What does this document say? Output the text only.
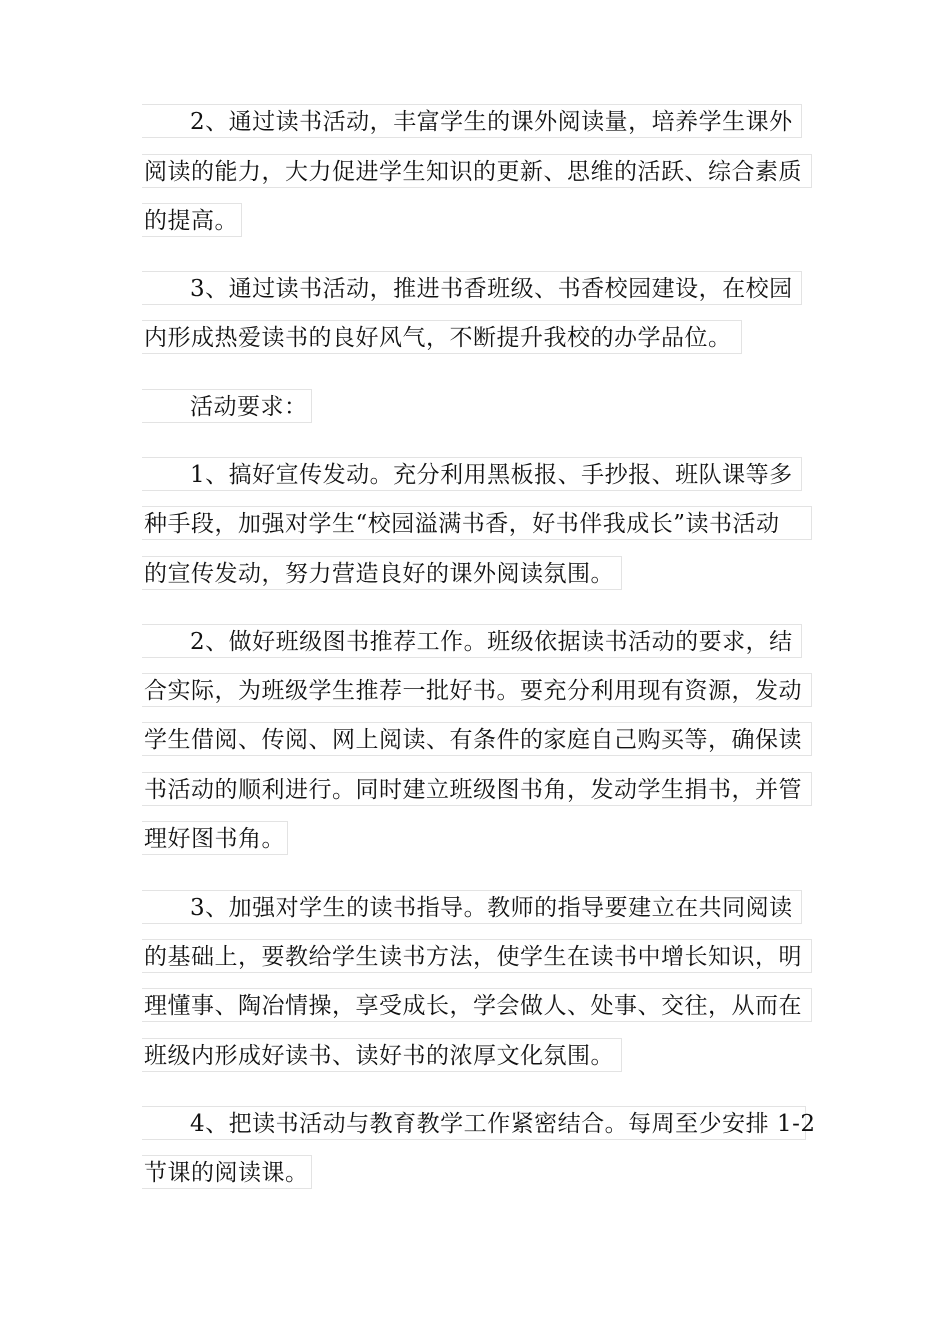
2、通过读书活动，丰富学生的课外阅读量，培养学生课外
阅读的能力，大力促进学生知识的更新、思维的活跃、综合素质
的提高。
3、通过读书活动，推进书香班级、书香校园建设，在校园
内形成热爱读书的良好风气，不断提升我校的办学品位。
活动要求：
1、搞好宣传发动。充分利用黑板报、手抄报、班队课等多
种手段，加强对学生“校园溢满书香，好书伴我成长”读书活动
的宣传发动，努力营造良好的课外阅读氛围。
2、做好班级图书推荐工作。班级依据读书活动的要求，结
合实际，为班级学生推荐一批好书。要充分利用现有资源，发动
学生借阅、传阅、网上阅读、有条件的家庭自己购买等，确保读
书活动的顺利进行。同时建立班级图书角，发动学生捐书，并管
理好图书角。
3、加强对学生的读书指导。教师的指导要建立在共同阅读
的基础上，要教给学生读书方法，使学生在读书中增长知识，明
理懂事、陶冶情操，享受成长，学会做人、处事、交往，从而在
班级内形成好读书、读好书的浓厚文化氛围。
4、把读书活动与教育教学工作紧密结合。每周至少安排 1-2
节课的阅读课。
